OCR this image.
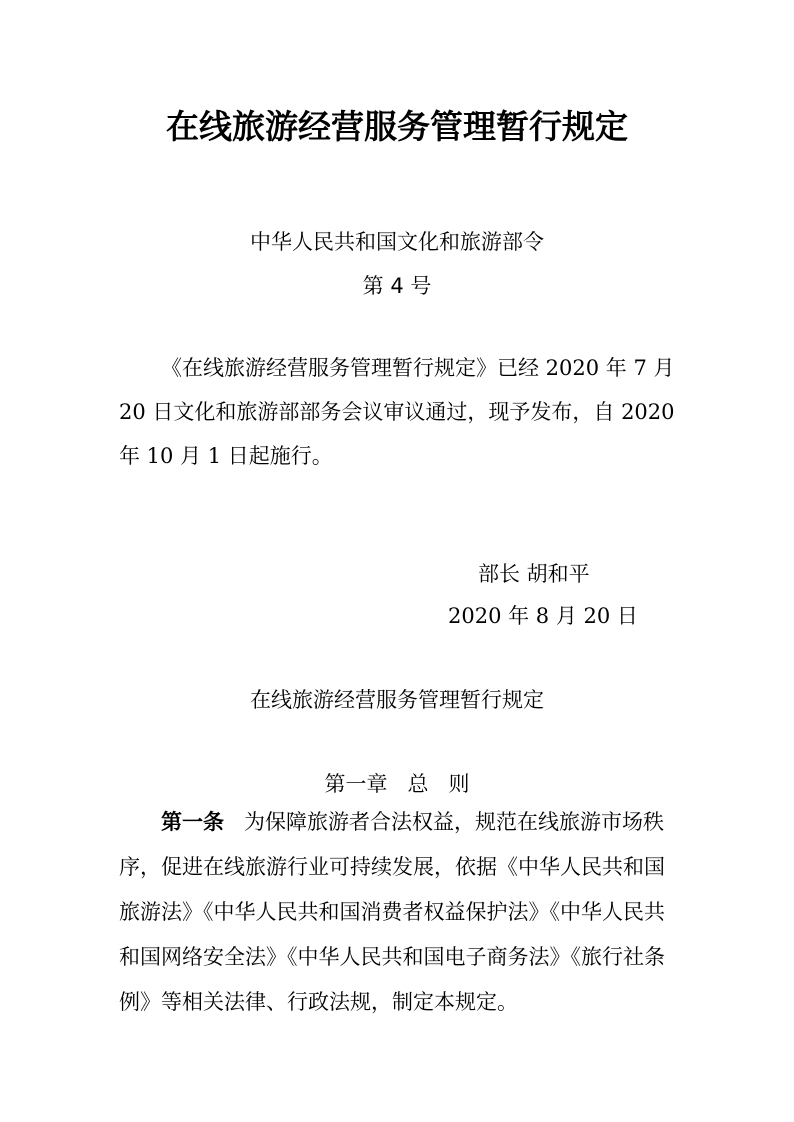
在线旅游经营服务管理暂行规定
中华人民共和国文化和旅游部令
第 4 号
《在线旅游经营服务管理暂行规定》已经 2020 年 7 月
20 日文化和旅游部部务会议审议通过，现予发布，自 2020
年 10 月 1 日起施行。
部长 胡和平
2020 年 8 月 20 日
在线旅游经营服务管理暂行规定
第一章   总   则
第一条 为保障旅游者合法权益，规范在线旅游市场秩
序，促进在线旅游行业可持续发展，依据《中华人民共和国
旅游法》《中华人民共和国消费者权益保护法》《中华人民共
和国网络安全法》《中华人民共和国电子商务法》《旅行社条
例》等相关法律、行政法规，制定本规定。
